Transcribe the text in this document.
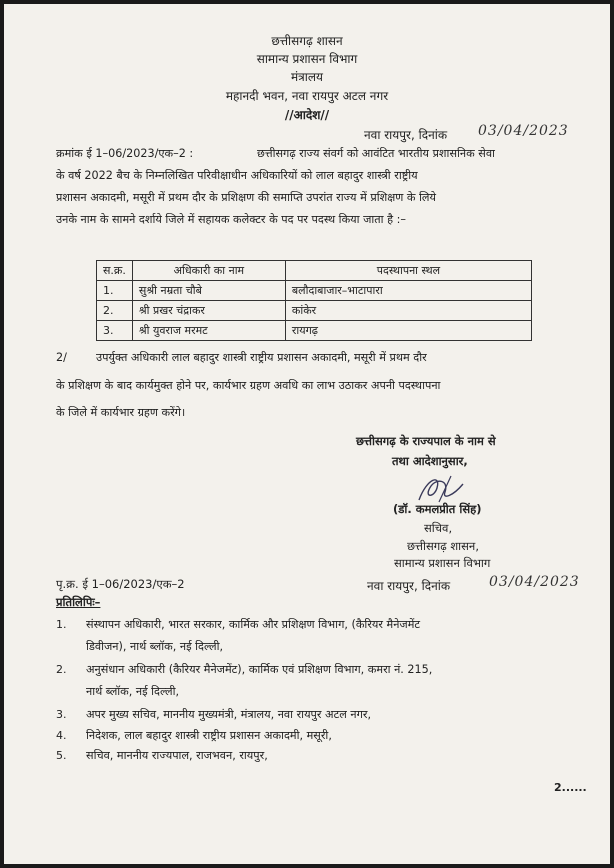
छत्तीसगढ़ शासन
सामान्य प्रशासन विभाग
मंत्रालय
महानदी भवन, नवा रायपुर अटल नगर
//आदेश//
नवा रायपुर, दिनांक 03/04/2023
क्रमांक ई 1–06/2023/एक–2 :	छत्तीसगढ़ राज्य संवर्ग को आवंटित भारतीय प्रशासनिक सेवा
के वर्ष 2022 बैच के निम्नलिखित परिवीक्षाधीन अधिकारियों को लाल बहादुर शास्त्री राष्ट्रीय
प्रशासन अकादमी, मसूरी में प्रथम दौर के प्रशिक्षण की समाप्ति उपरांत राज्य में प्रशिक्षण के लिये
उनके नाम के सामने दर्शाये जिले में सहायक कलेक्टर के पद पर पदस्थ किया जाता है :–
स.क्र.	अधिकारी का नाम	पदस्थापना स्थल
1.	सुश्री नम्रता चौबे	बलौदाबाजार–भाटापारा
2.	श्री प्रखर चंद्राकर	कांकेर
3.	श्री युवराज मरमट	रायगढ़
2/	उपर्युक्त अधिकारी लाल बहादुर शास्त्री राष्ट्रीय प्रशासन अकादमी, मसूरी में प्रथम दौर
के प्रशिक्षण के बाद कार्यमुक्त होने पर, कार्यभार ग्रहण अवधि का लाभ उठाकर अपनी पदस्थापना
के जिले में कार्यभार ग्रहण करेंगे।
छत्तीसगढ़ के राज्यपाल के नाम से
तथा आदेशानुसार,
(डॉ. कमलप्रीत सिंह)
सचिव,
छत्तीसगढ़ शासन,
सामान्य प्रशासन विभाग
पृ.क्र. ई 1–06/2023/एक–2	नवा रायपुर, दिनांक	03/04/2023
प्रतिलिपिः–
1. संस्थापन अधिकारी, भारत सरकार, कार्मिक और प्रशिक्षण विभाग, (कैरियर मैनेजमेंट
डिवीजन), नार्थ ब्लॉक, नई दिल्ली,
2. अनुसंधान अधिकारी (कैरियर मैनेजमेंट), कार्मिक एवं प्रशिक्षण विभाग, कमरा नं. 215,
नार्थ ब्लॉक, नई दिल्ली,
3. अपर मुख्य सचिव, माननीय मुख्यमंत्री, मंत्रालय, नवा रायपुर अटल नगर,
4. निदेशक, लाल बहादुर शास्त्री राष्ट्रीय प्रशासन अकादमी, मसूरी,
5. सचिव, माननीय राज्यपाल, राजभवन, रायपुर,
2......
